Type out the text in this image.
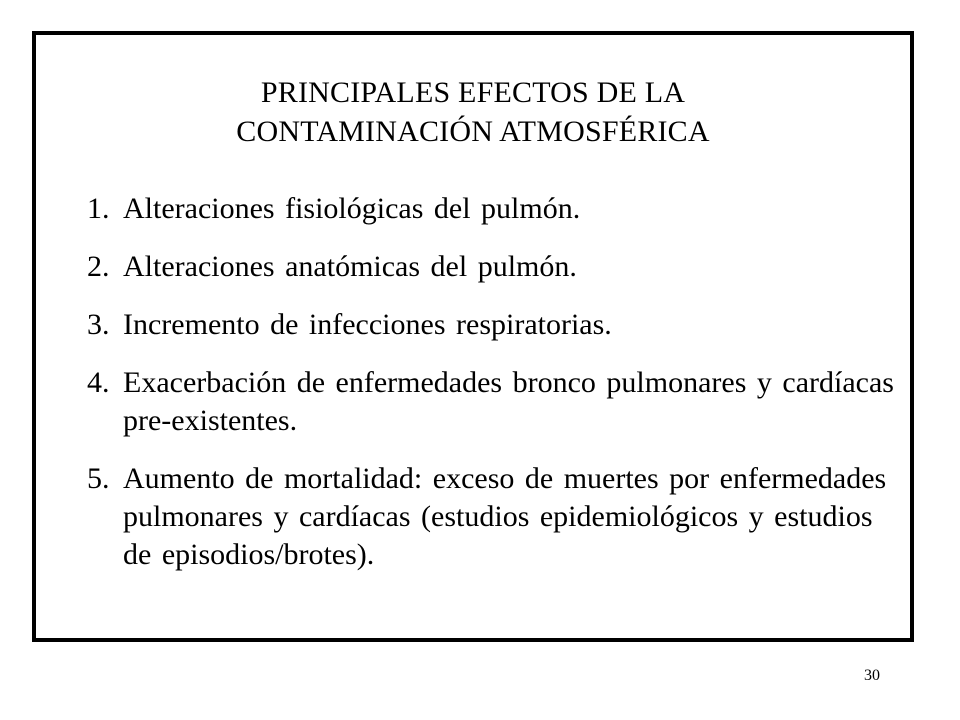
PRINCIPALES EFECTOS DE LA
CONTAMINACIÓN ATMOSFÉRICA
1. Alteraciones fisiológicas del pulmón.
2. Alteraciones anatómicas del pulmón.
3. Incremento de infecciones respiratorias.
4. Exacerbación de enfermedades bronco pulmonares y cardíacas pre-existentes.
5. Aumento de mortalidad: exceso de muertes por enfermedades pulmonares y cardíacas (estudios epidemiológicos y estudios de episodios/brotes).
30
